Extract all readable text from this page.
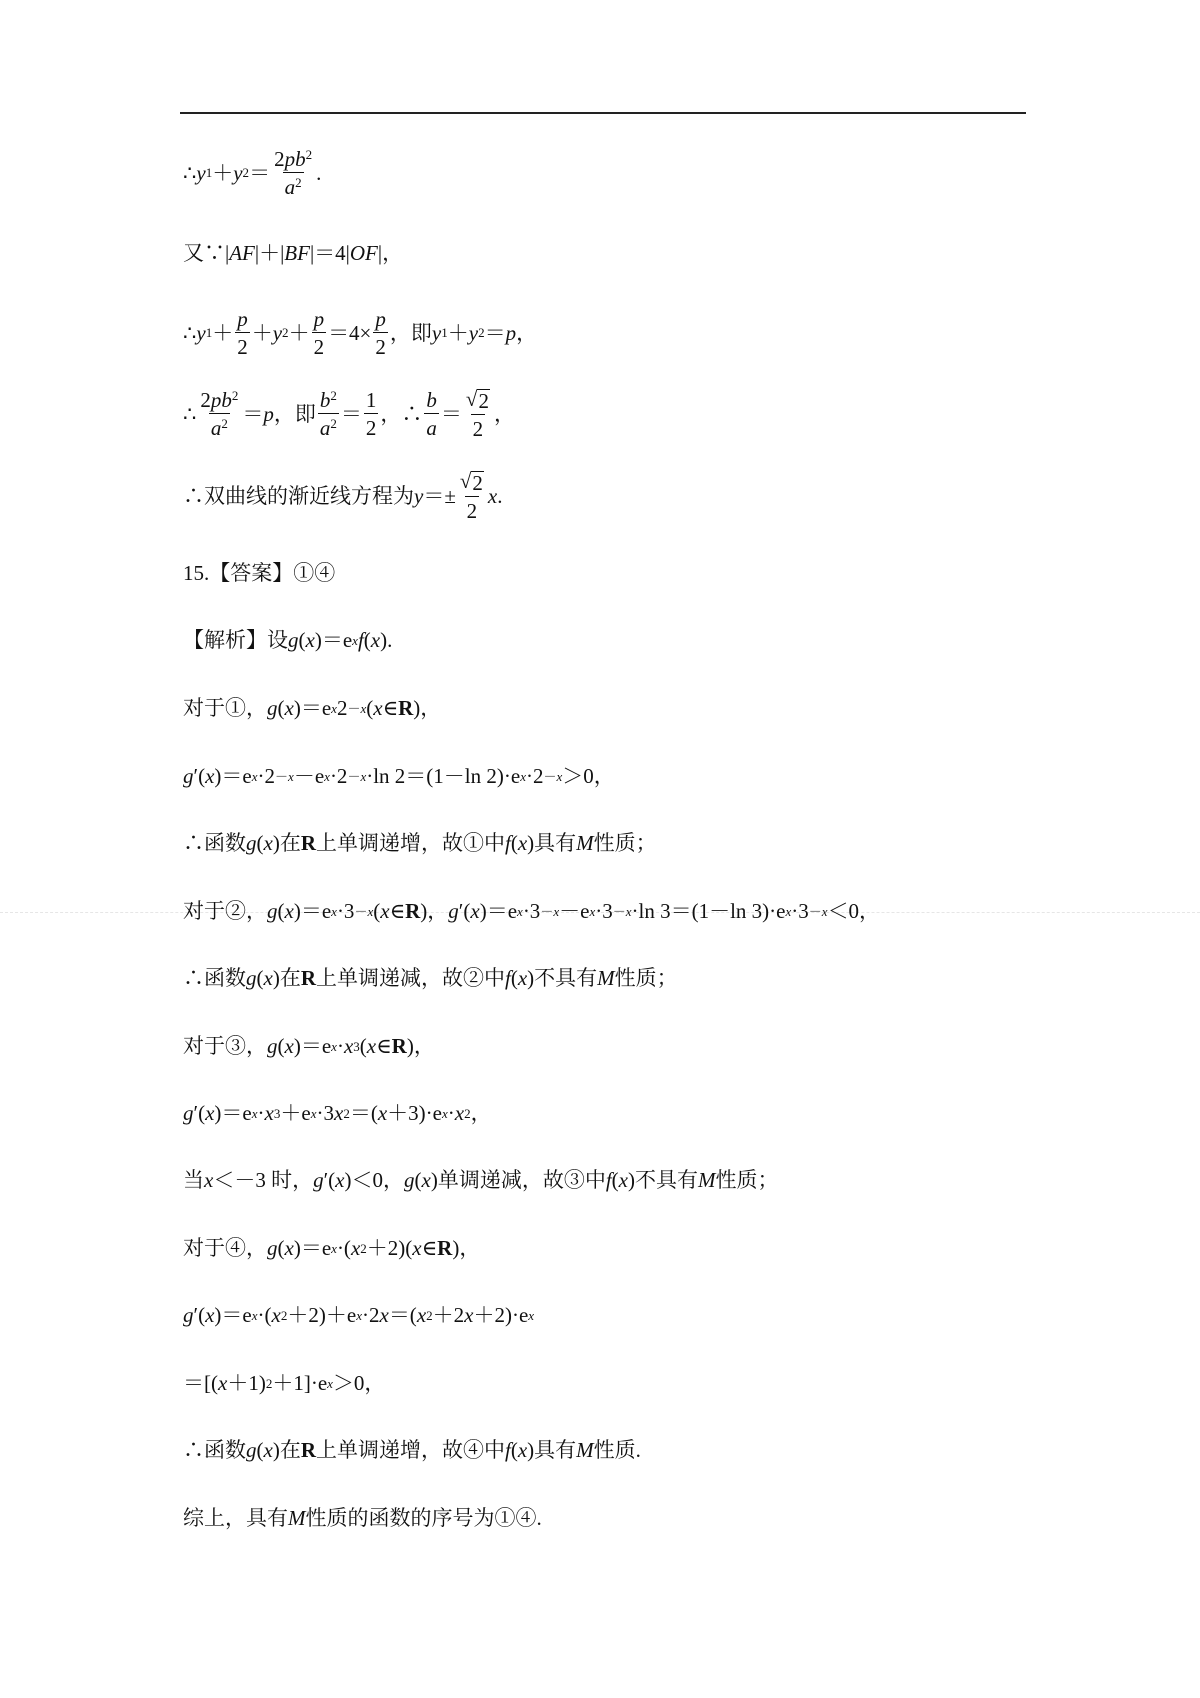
∴ y 1 ＋ y $2 = \frac{2pb^2}{a^2}$ .
又∵| AF |＋| BF |＝4| OF |，
∴ y $1 + \frac{p}{2} + y$ $2 + \frac{p}{2} =4\times \frac{p}{2}$ ，即 y 1 ＋ y 2 ＝ p ，
∴ $\frac{2pb^2}{a^2} = p$ ，即 $\frac{b^2}{a^2} = \frac{1}{2}$ ，∴ $\frac{b}{a} = \frac{√ 2}{2}$ ，
∴双曲线的渐近线方程为 $y =\pm \frac{√ 2}{2}$ x .
15.【答案】①④
【解析】设 g ( x )＝e x f ( x ).
对于①， g ( x )＝e x 2 －x ( x ∈ R )，
g ′( x )＝e x ·2 －x －e x ·2 －x ·ln 2＝(1－ln 2)·e x ·2 －x ＞0，
∴函数 g ( x )在 R 上单调递增，故①中 f ( x )具有 M 性质；
对于②， g ( x )＝e x ·3 －x ( x ∈ R )， g ′( x )＝e x ·3 －x －e x ·3 －x ·ln 3＝(1－ln 3)·e x ·3 －x ＜0，
∴函数 g ( x )在 R 上单调递减，故②中 f ( x )不具有 M 性质；
对于③， g ( x )＝e x · x 3 ( x ∈ R )，
g ′( x )＝e x · x 3 ＋e x ·3 x 2 ＝( x ＋3)·e x · x 2 ，
当 x ＜－3 时， g ′( x )＜0， g ( x )单调递减，故③中 f ( x )不具有 M 性质；
对于④， g ( x )＝e x ·( x 2 ＋2)( x ∈ R )，
g ′( x )＝e x ·( x 2 ＋2)＋e x ·2 x ＝( x 2 ＋2 x ＋2)·e x
＝[( x ＋1) 2 ＋1]·e x ＞0，
∴函数 g ( x )在 R 上单调递增，故④中 f ( x )具有 M 性质.
综上，具有 M 性质的函数的序号为①④.
